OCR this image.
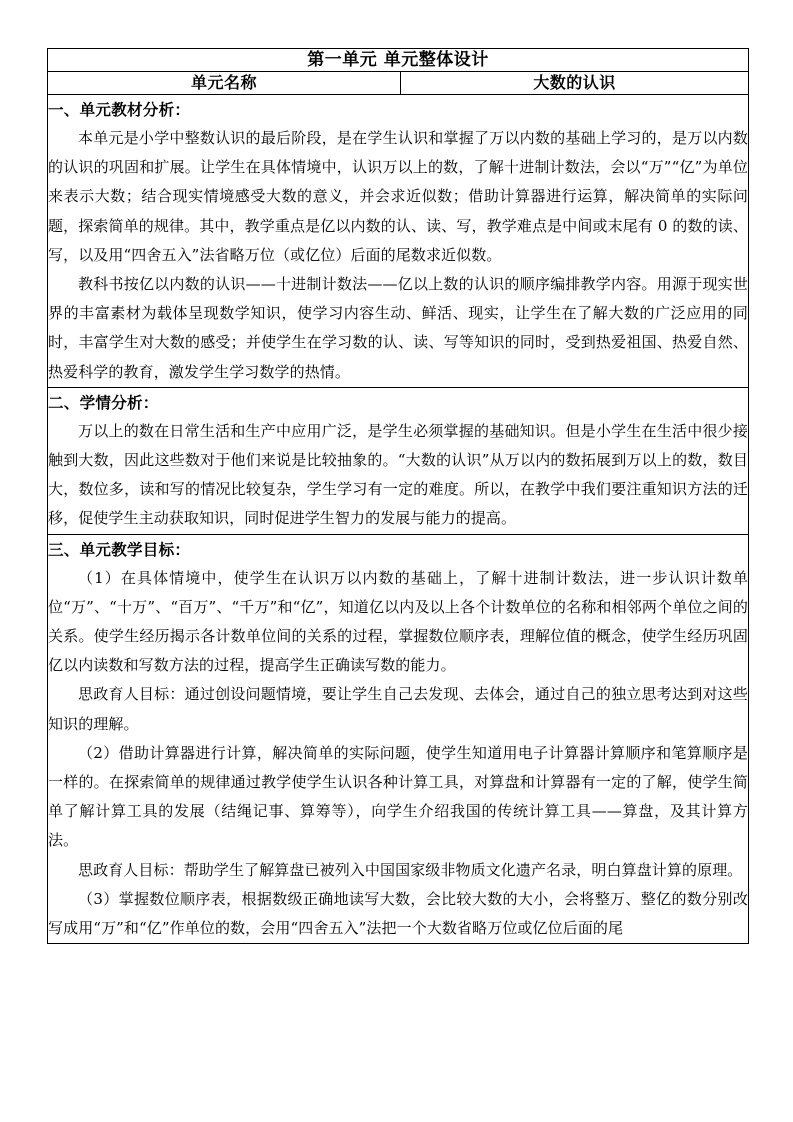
第一单元 单元整体设计
单元名称	大数的认识

一、单元教材分析：

本单元是小学中整数认识的最后阶段，是在学生认识和掌握了万以内数的基础上学习的，是万以内数的认识的巩固和扩展。让学生在具体情境中，认识万以上的数，了解十进制计数法，会以“万”“亿”为单位来表示大数；结合现实情境感受大数的意义，并会求近似数；借助计算器进行运算，解决简单的实际问题，探索简单的规律。其中，教学重点是亿以内数的认、读、写，教学难点是中间或末尾有 0 的数的读、写，以及用“四舍五入”法省略万位（或亿位）后面的尾数求近似数。

教科书按亿以内数的认识——十进制计数法——亿以上数的认识的顺序编排教学内容。用源于现实世界的丰富素材为载体呈现数学知识，使学习内容生动、鲜活、现实，让学生在了解大数的广泛应用的同时，丰富学生对大数的感受；并使学生在学习数的认、读、写等知识的同时，受到热爱祖国、热爱自然、热爱科学的教育，激发学生学习数学的热情。

二、学情分析：

万以上的数在日常生活和生产中应用广泛，是学生必须掌握的基础知识。但是小学生在生活中很少接触到大数，因此这些数对于他们来说是比较抽象的。“大数的认识”从万以内的数拓展到万以上的数，数目大，数位多，读和写的情况比较复杂，学生学习有一定的难度。所以，在教学中我们要注重知识方法的迁移，促使学生主动获取知识，同时促进学生智力的发展与能力的提高。

三、单元教学目标：

（1）在具体情境中，使学生在认识万以内数的基础上，了解十进制计数法，进一步认识计数单位“万”、“十万”、“百万”、“千万”和“亿”，知道亿以内及以上各个计数单位的名称和相邻两个单位之间的关系。使学生经历揭示各计数单位间的关系的过程，掌握数位顺序表，理解位值的概念，使学生经历巩固亿以内读数和写数方法的过程，提高学生正确读写数的能力。

思政育人目标：通过创设问题情境，要让学生自己去发现、去体会，通过自己的独立思考达到对这些知识的理解。

（2）借助计算器进行计算，解决简单的实际问题，使学生知道用电子计算器计算顺序和笔算顺序是一样的。在探索简单的规律通过教学使学生认识各种计算工具，对算盘和计算器有一定的了解，使学生简单了解计算工具的发展（结绳记事、算筹等），向学生介绍我国的传统计算工具——算盘，及其计算方法。

思政育人目标：帮助学生了解算盘已被列入中国国家级非物质文化遗产名录，明白算盘计算的原理。

（3）掌握数位顺序表，根据数级正确地读写大数，会比较大数的大小，会将整万、整亿的数分别改写成用“万”和“亿”作单位的数，会用“四舍五入”法把一个大数省略万位或亿位后面的尾
